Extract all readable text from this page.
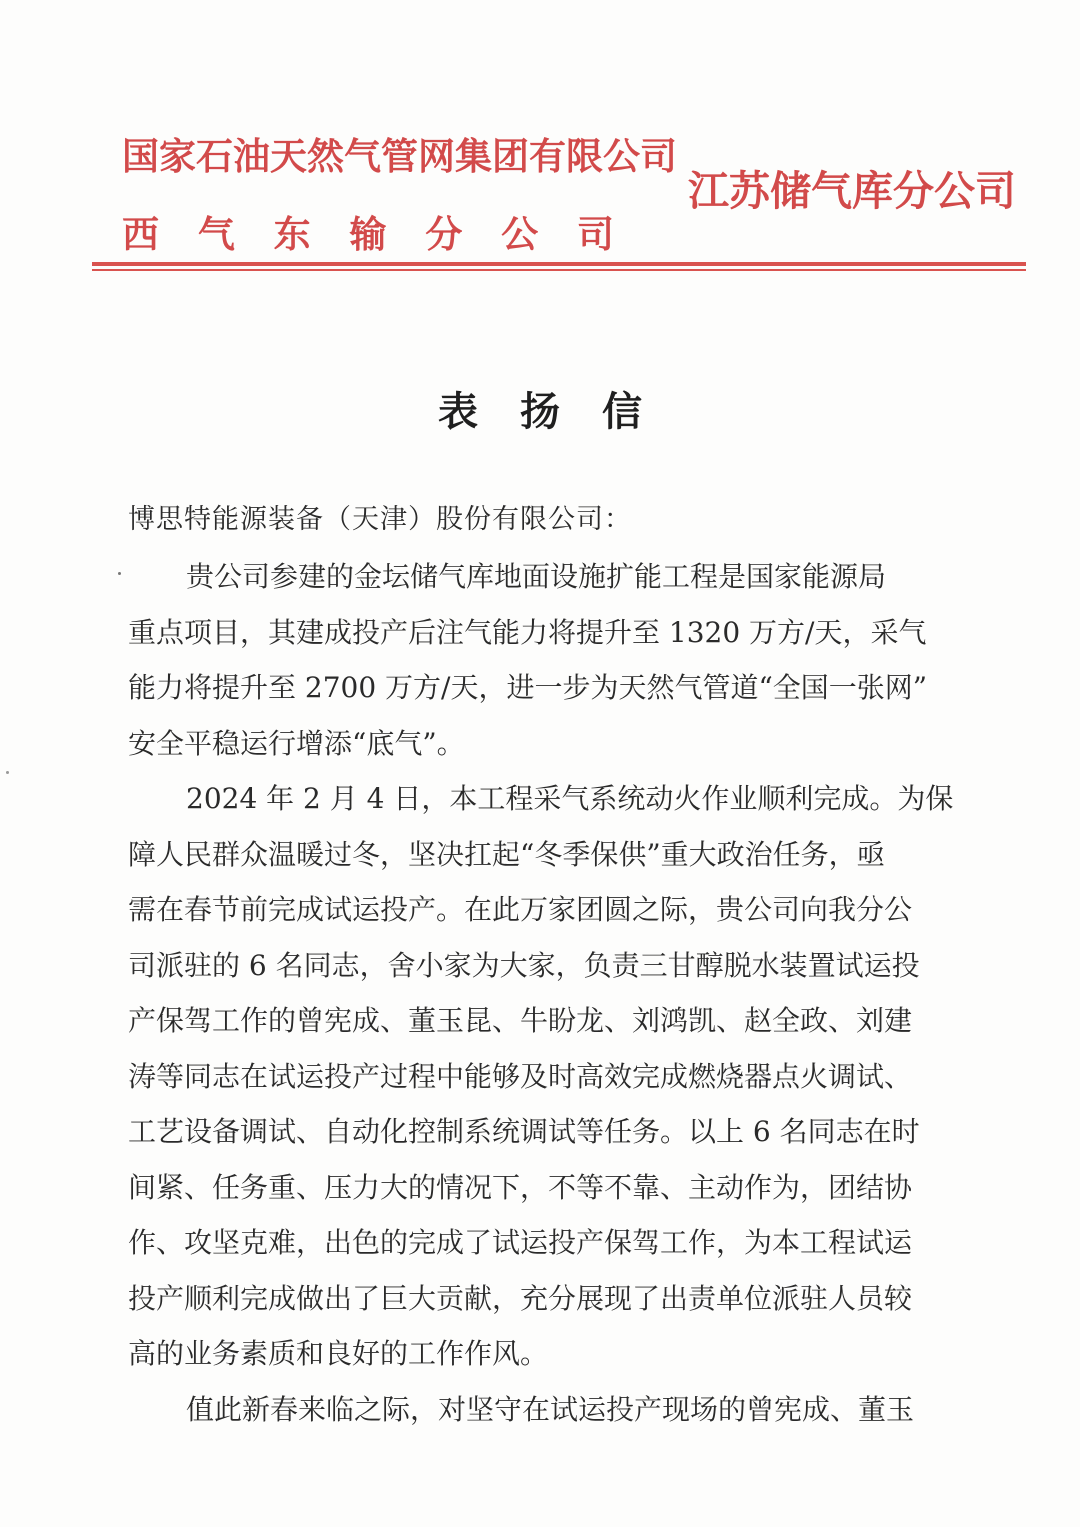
国家石油天然气管网集团有限公司
西 气 东 输 分 公 司
江苏储气库分公司
表扬信
博思特能源装备（天津）股份有限公司：
贵公司参建的金坛储气库地面设施扩能工程是国家能源局
重点项目，其建成投产后注气能力将提升至 1320 万方/天，采气
能力将提升至 2700 万方/天，进一步为天然气管道“全国一张网”
安全平稳运行增添“底气”。
2024 年 2 月 4 日，本工程采气系统动火作业顺利完成。为保
障人民群众温暖过冬，坚决扛起“冬季保供”重大政治任务，亟
需在春节前完成试运投产。在此万家团圆之际，贵公司向我分公
司派驻的 6 名同志，舍小家为大家，负责三甘醇脱水装置试运投
产保驾工作的曾宪成、董玉昆、牛盼龙、刘鸿凯、赵全政、刘建
涛等同志在试运投产过程中能够及时高效完成燃烧器点火调试、
工艺设备调试、自动化控制系统调试等任务。以上 6 名同志在时
间紧、任务重、压力大的情况下，不等不靠、主动作为，团结协
作、攻坚克难，出色的完成了试运投产保驾工作，为本工程试运
投产顺利完成做出了巨大贡献，充分展现了出责单位派驻人员较
高的业务素质和良好的工作作风。
值此新春来临之际，对坚守在试运投产现场的曾宪成、董玉
